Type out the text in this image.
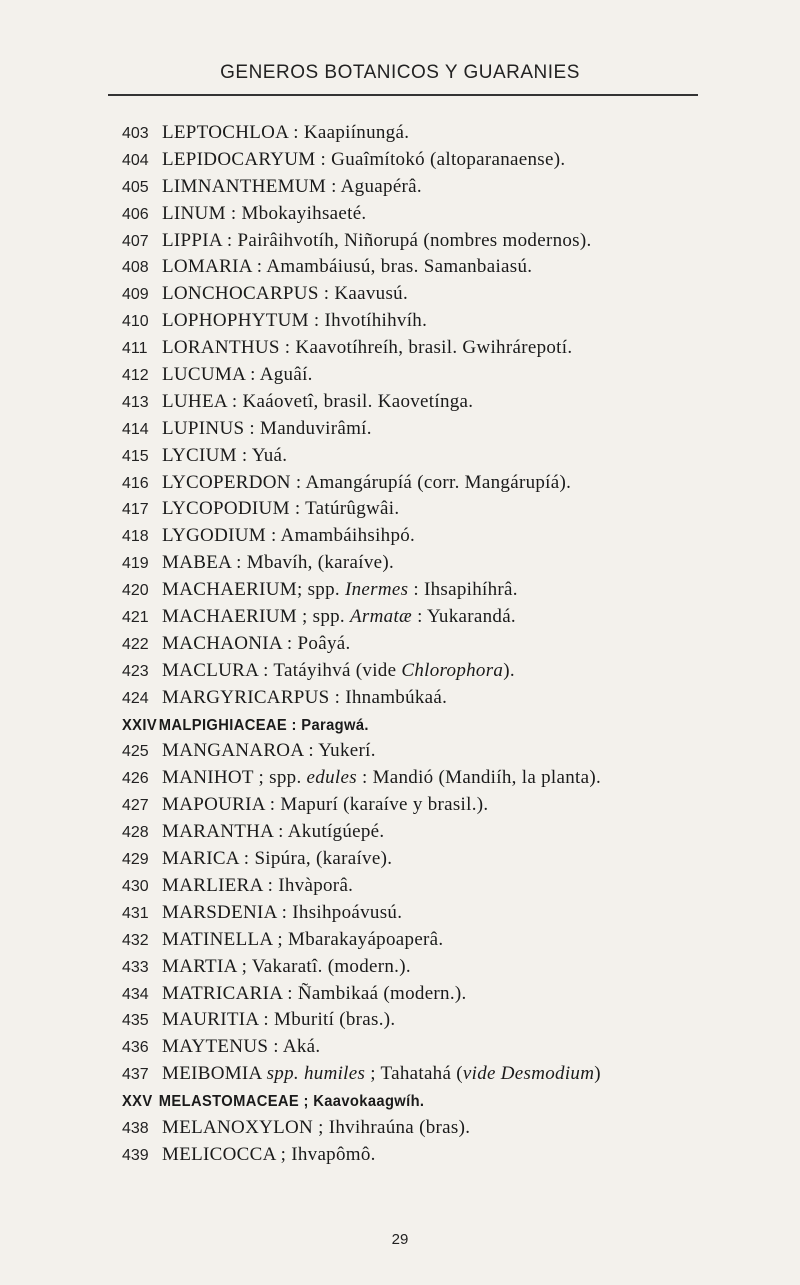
GENEROS BOTANICOS Y GUARANIES
403 LEPTOCHLOA : Kaapiínungá.
404 LEPIDOCARYUM : Guaîmítokó (altoparanaense).
405 LIMNANTHEMUM : Aguapérâ.
406 LINUM : Mbokayihsaeté.
407 LIPPIA : Pairâihvotíh, Niñorupá (nombres modernos).
408 LOMARIA : Amambáiusú, bras. Samanbaiasú.
409 LONCHOCARPUS : Kaavusú.
410 LOPHOPHYTUM : Ihvotíhihvíh.
411 LORANTHUS : Kaavotíhreíh, brasil. Gwihrárepotí.
412 LUCUMA : Aguâí.
413 LUHEA : Kaáovetî, brasil. Kaovetínga.
414 LUPINUS : Manduvirâmí.
415 LYCIUM : Yuá.
416 LYCOPERDON : Amangárupíá (corr. Mangárupíá).
417 LYCOPODIUM : Tatúrûgwâi.
418 LYGODIUM : Amambáihsihpó.
419 MABEA : Mbavíh, (karaíve).
420 MACHAERIUM; spp. Inermes : Ihsapihíhrâ.
421 MACHAERIUM ; spp. Armatæ : Yukarandá.
422 MACHAONIA : Poâyá.
423 MACLURA : Tatáyihvá (vide Chlorophora).
424 MARGYRICARPUS : Ihnambúkaá.
XXIV MALPIGHIACEAE : Paragwá.
425 MANGANAROA : Yukerí.
426 MANIHOT ; spp. edules : Mandió (Mandiíh, la planta).
427 MAPOURIA : Mapurí (karaíve y brasil.).
428 MARANTHA : Akutígúepé.
429 MARICA : Sipúra, (karaíve).
430 MARLIERA : Ihvàporâ.
431 MARSDENIA : Ihsihpoávusú.
432 MATINELLA ; Mbarakayápoaperâ.
433 MARTIA ; Vakaratî. (modern.).
434 MATRICARIA : Ñambikaá (modern.).
435 MAURITIA : Mburití (bras.).
436 MAYTENUS : Aká.
437 MEIBOMIA spp. humiles ; Tahatahá (vide Desmodium)
XXV MELASTOMACEAE ; Kaavokaagwíh.
438 MELANOXYLON ; Ihvihraúna (bras).
439 MELICOCCA ; Ihvapômô.
29
